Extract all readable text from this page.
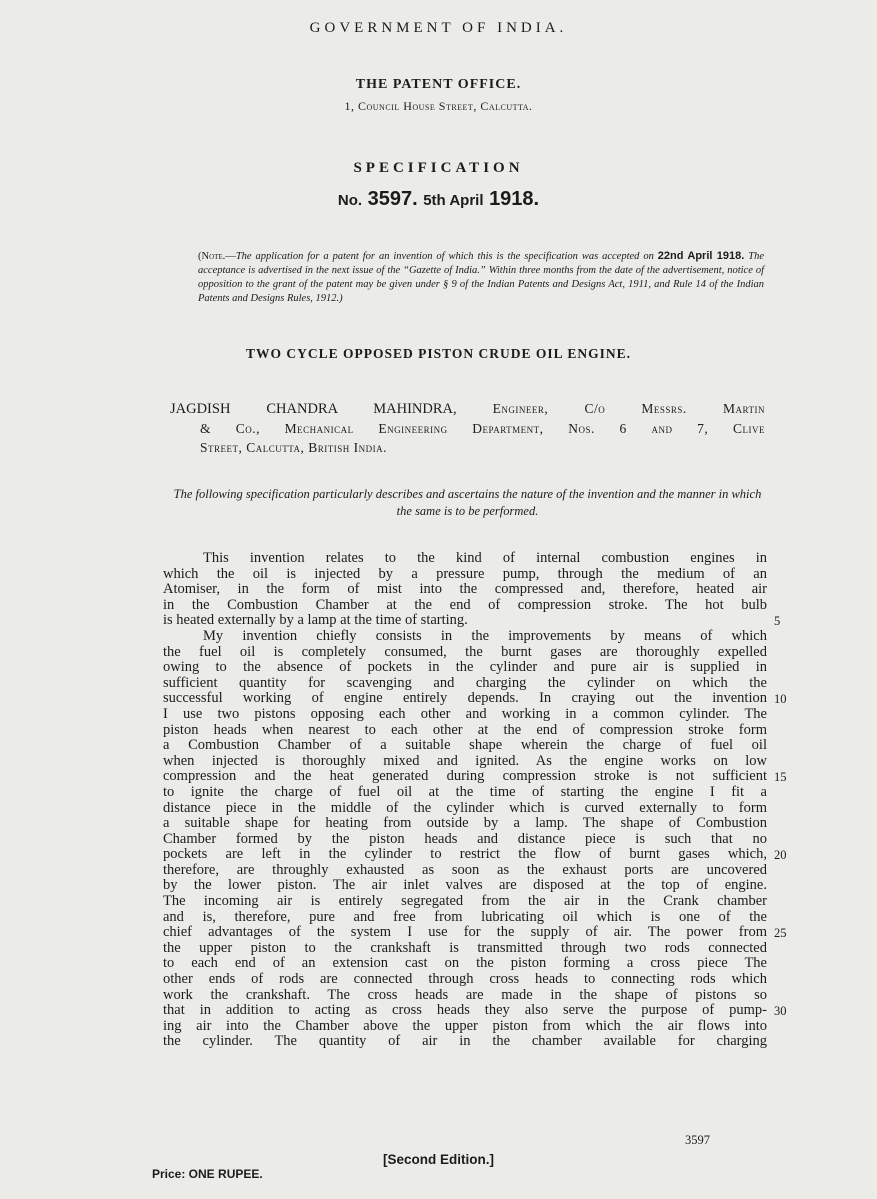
GOVERNMENT OF INDIA.

THE PATENT OFFICE.

1, Council House Street, Calcutta.

SPECIFICATION

No. 3597. 5th April 1918.

(Note.—The application for a patent for an invention of which this is the specification was accepted on 22nd April 1918. The acceptance is advertised in the next issue of the “Gazette of India.” Within three months from the date of the advertisement, notice of opposition to the grant of the patent may be given under § 9 of the Indian Patents and Designs Act, 1911, and Rule 14 of the Indian Patents and Designs Rules, 1912.)

TWO CYCLE OPPOSED PISTON CRUDE OIL ENGINE.

JAGDISH CHANDRA MAHINDRA,	Engineer, C/o Messrs. Martin
& Co., Mechanical Engineering Department, Nos. 6 and 7, Clive
Street, Calcutta, British India.

The following specification particularly describes and ascertains the nature of the invention and the manner in which the same is to be performed.

This invention relates to the kind of internal combustion engines in
which the oil is injected by a pressure pump, through the medium of an
Atomiser, in the form of mist into the compressed and, therefore, heated air
in the Combustion Chamber at the end of compression stroke. The hot bulb
is heated externally by a lamp at the time of starting.
My invention chiefly consists in the improvements by means of which
the fuel oil is completely consumed, the burnt gases are thoroughly expelled
owing to the absence of pockets in the cylinder and pure air is supplied in
sufficient quantity for scavenging and charging the cylinder on which the
successful working of engine entirely depends. In craying out the invention
I use two pistons opposing each other and working in a common cylinder. The
piston heads when nearest to each other at the end of compression stroke form
a Combustion Chamber of a suitable shape wherein the charge of fuel oil
when injected is thoroughly mixed and ignited. As the engine works on low
compression and the heat generated during compression stroke is not sufficient
to ignite the charge of fuel oil at the time of starting the engine I fit a
distance piece in the middle of the cylinder which is curved externally to form
a suitable shape for heating from outside by a lamp. The shape of Combustion
Chamber formed by the piston heads and distance piece is such that no
pockets are left in the cylinder to restrict the flow of burnt gases which,
therefore, are throughly exhausted as soon as the exhaust ports are uncovered
by the lower piston. The air inlet valves are disposed at the top of engine.
The incoming air is entirely segregated from the air in the Crank chamber
and is, therefore, pure and free from lubricating oil which is one of the
chief advantages of the system I use for the supply of air. The power from
the upper piston to the crankshaft is transmitted through two rods connected
to each end of an extension cast on the piston forming a cross piece The
other ends of rods are connected through cross heads to connecting rods which
work the crankshaft. The cross heads are made in the shape of pistons so
that in addition to acting as cross heads they also serve the purpose of pump-
ing air into the Chamber above the upper piston from which the air flows into
the cylinder. The quantity of air in the chamber available for charging

5

10

15

20

25

30

3597

[Second Edition.]

Price: ONE RUPEE.
